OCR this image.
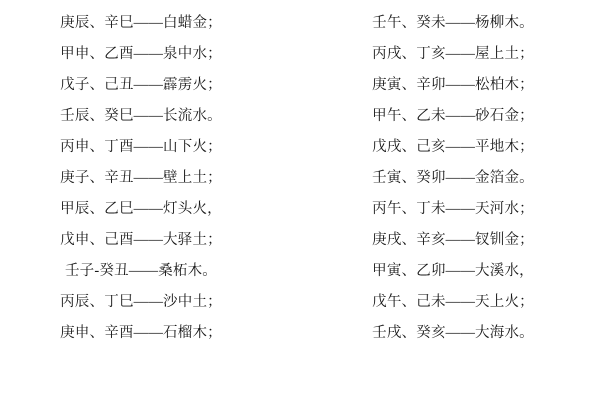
庚辰、辛巳——白蜡金；	壬午、癸未——杨柳木。
甲申、乙酉——泉中水；	丙戌、丁亥——屋上土；
戊子、己丑——霹雳火；	庚寅、辛卯——松柏木；
壬辰、癸巳——长流水。	甲午、乙未——砂石金；
丙申、丁酉——山下火；	戊戌、己亥——平地木；
庚子、辛丑——壁上土；	壬寅、癸卯——金箔金。
甲辰、乙巳——灯头火，	丙午、丁未——天河水；
戊申、己酉——大驿土；	庚戌、辛亥——钗钏金；
壬子-癸丑——桑柘木。	甲寅、乙卯——大溪水，
丙辰、丁巳——沙中土；	戊午、己未——天上火；
庚申、辛酉——石榴木；	壬戌、癸亥——大海水。
